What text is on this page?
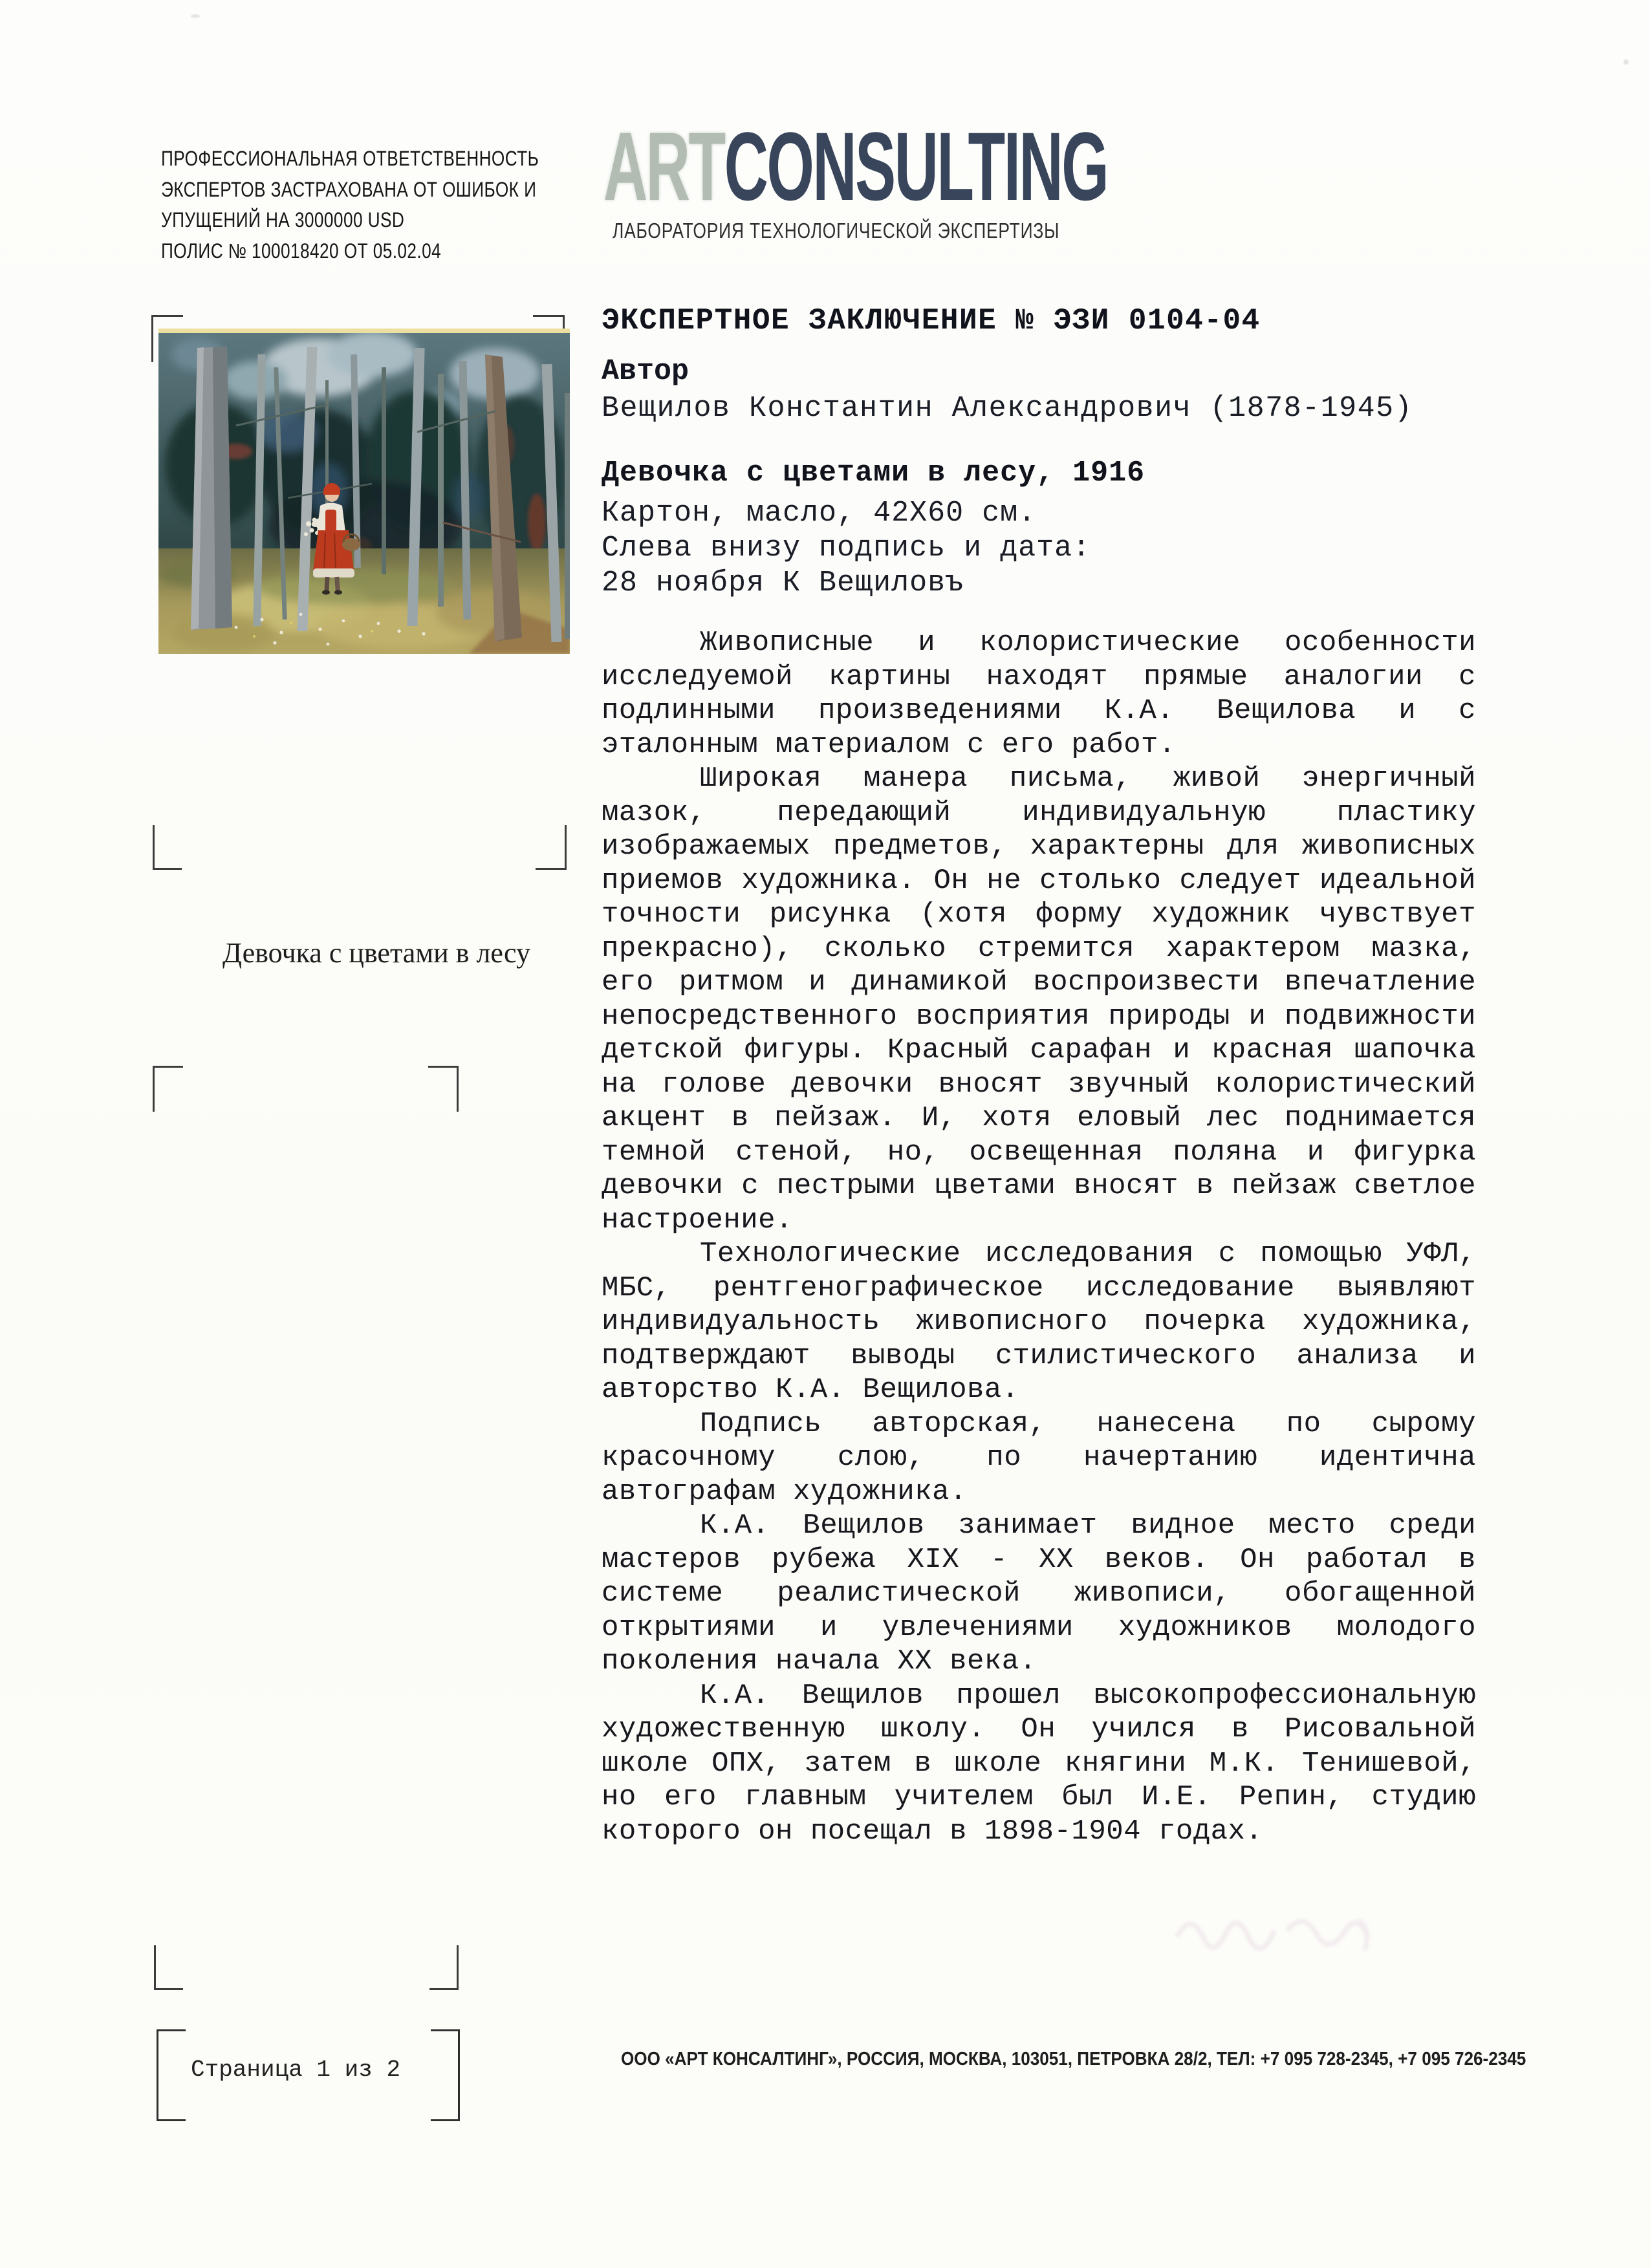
ПРОФЕССИОНАЛЬНАЯ ОТВЕТСТВЕННОСТЬ
ЭКСПЕРТОВ ЗАСТРАХОВАНА ОТ ОШИБОК И
УПУЩЕНИЙ НА 3000000 USD
ПОЛИС № 100018420 ОТ 05.02.04
ARTCONSULTING
ЛАБОРАТОРИЯ ТЕХНОЛОГИЧЕСКОЙ ЭКСПЕРТИЗЫ
Девочка с цветами в лесу
ЭКСПЕРТНОЕ ЗАКЛЮЧЕНИЕ № ЭЗИ 0104-04
Автор
Вещилов Константин Александрович (1878-1945)
Девочка с цветами в лесу, 1916
Картон, масло, 42X60 см.
Слева внизу подпись и дата:
28 ноября К Вещиловъ

Живописные и колористические особенности исследуемой картины находят прямые аналогии с подлинными произведениями К.А. Вещилова и с эталонным материалом с его работ.

Широкая манера письма, живой энергичный мазок, передающий индивидуальную пластику изображаемых предметов, характерны для живописных приемов художника. Он не столько следует идеальной точности рисунка (хотя форму художник чувствует прекрасно), сколько стремится характером мазка, его ритмом и динамикой воспроизвести впечатление непосредственного восприятия природы и подвижности детской фигуры. Красный сарафан и красная шапочка на голове девочки вносят звучный колористический акцент в пейзаж. И, хотя еловый лес поднимается темной стеной, но, освещенная поляна и фигурка девочки с пестрыми цветами вносят в пейзаж светлое настроение.

Технологические исследования с помощью УФЛ, МБС, рентгенографическое исследование выявляют индивидуальность живописного почерка художника, подтверждают выводы стилистического анализа и авторство К.А. Вещилова.

Подпись авторская, нанесена по сырому красочному слою, по начертанию идентична автографам художника.

К.А. Вещилов занимает видное место среди мастеров рубежа XIX - XX веков. Он работал в системе реалистической живописи, обогащенной открытиями и увлечениями художников молодого поколения начала XX века.

К.А. Вещилов прошел высокопрофессиональную художественную школу. Он учился в Рисовальной школе ОПХ, затем в школе княгини М.К. Тенишевой, но его главным учителем был И.Е. Репин, студию которого он посещал в 1898-1904 годах.

Страница 1 из 2	ООО «АРТ КОНСАЛТИНГ», РОССИЯ, МОСКВА, 103051, ПЕТРОВКА 28/2, ТЕЛ: +7 095 728-2345, +7 095 726-2345
